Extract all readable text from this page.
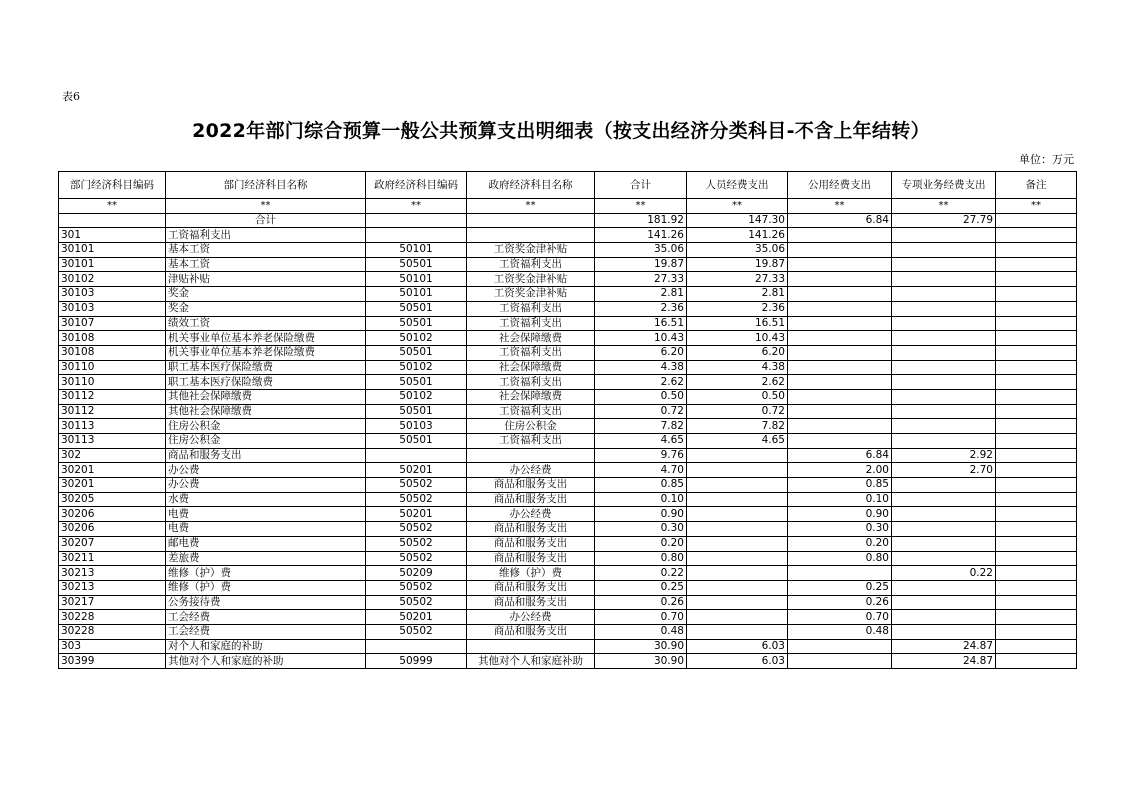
表6
2022年部门综合预算一般公共预算支出明细表（按支出经济分类科目-不含上年结转）
单位：万元
部门经济科目编码	部门经济科目名称	政府经济科目编码	政府经济科目名称	合计	人员经费支出	公用经费支出	专项业务经费支出	备注
**	**	**	**	**	**	**	**	**
	合计			181.92	147.30	6.84	27.79	
301	工资福利支出			141.26	141.26			
30101	基本工资	50101	工资奖金津补贴	35.06	35.06			
30101	基本工资	50501	工资福利支出	19.87	19.87			
30102	津贴补贴	50101	工资奖金津补贴	27.33	27.33			
30103	奖金	50101	工资奖金津补贴	2.81	2.81			
30103	奖金	50501	工资福利支出	2.36	2.36			
30107	绩效工资	50501	工资福利支出	16.51	16.51			
30108	机关事业单位基本养老保险缴费	50102	社会保障缴费	10.43	10.43			
30108	机关事业单位基本养老保险缴费	50501	工资福利支出	6.20	6.20			
30110	职工基本医疗保险缴费	50102	社会保障缴费	4.38	4.38			
30110	职工基本医疗保险缴费	50501	工资福利支出	2.62	2.62			
30112	其他社会保障缴费	50102	社会保障缴费	0.50	0.50			
30112	其他社会保障缴费	50501	工资福利支出	0.72	0.72			
30113	住房公积金	50103	住房公积金	7.82	7.82			
30113	住房公积金	50501	工资福利支出	4.65	4.65			
302	商品和服务支出			9.76		6.84	2.92	
30201	办公费	50201	办公经费	4.70		2.00	2.70	
30201	办公费	50502	商品和服务支出	0.85		0.85		
30205	水费	50502	商品和服务支出	0.10		0.10		
30206	电费	50201	办公经费	0.90		0.90		
30206	电费	50502	商品和服务支出	0.30		0.30		
30207	邮电费	50502	商品和服务支出	0.20		0.20		
30211	差旅费	50502	商品和服务支出	0.80		0.80		
30213	维修（护）费	50209	维修（护）费	0.22			0.22	
30213	维修（护）费	50502	商品和服务支出	0.25		0.25		
30217	公务接待费	50502	商品和服务支出	0.26		0.26		
30228	工会经费	50201	办公经费	0.70		0.70		
30228	工会经费	50502	商品和服务支出	0.48		0.48		
303	对个人和家庭的补助			30.90	6.03		24.87	
30399	其他对个人和家庭的补助	50999	其他对个人和家庭补助	30.90	6.03		24.87	
